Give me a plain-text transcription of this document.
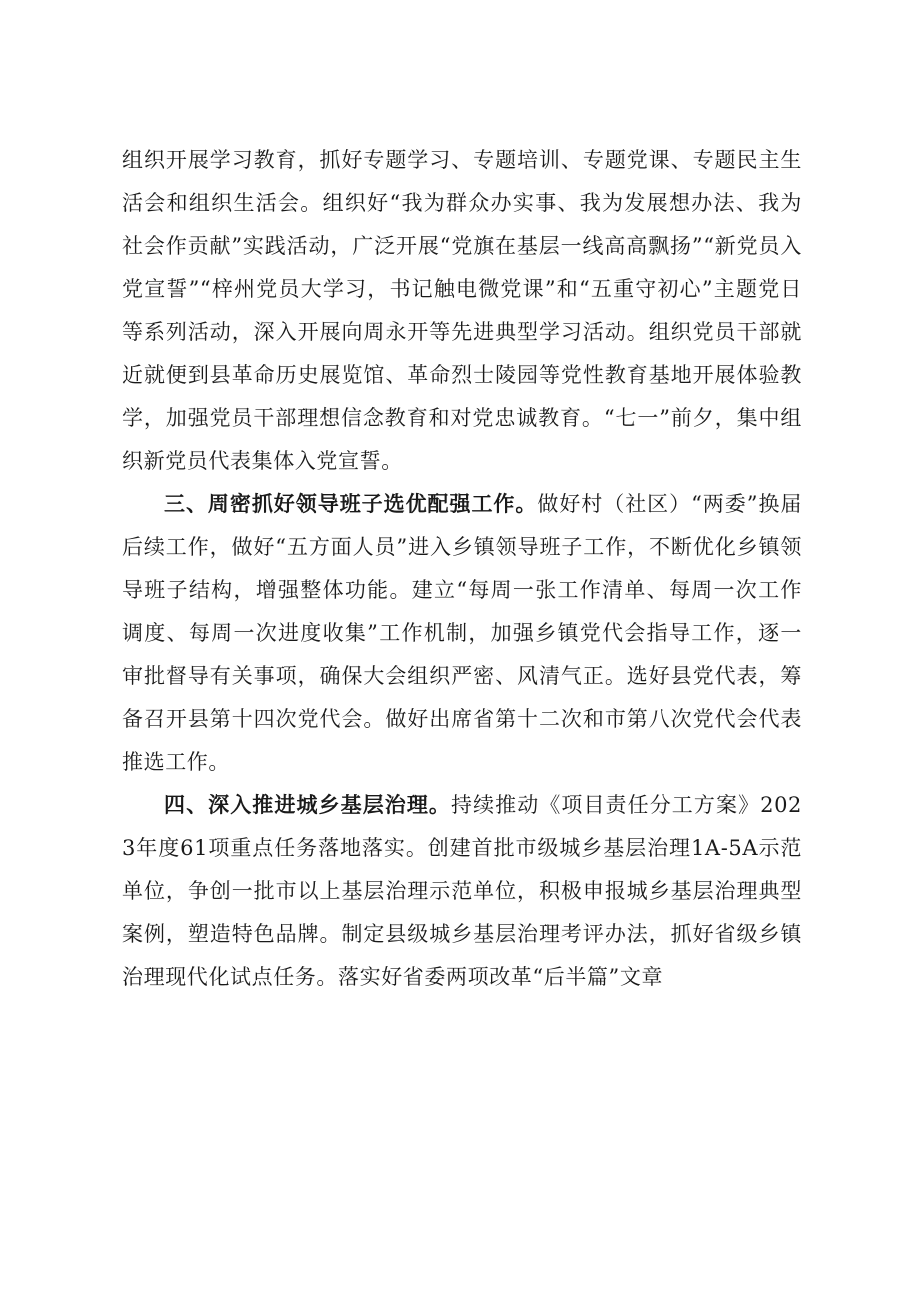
组织开展学习教育，抓好专题学习、专题培训、专题党课、专题民主生活会和组织生活会。组织好“我为群众办实事、我为发展想办法、我为社会作贡献”实践活动，广泛开展“党旗在基层一线高高飘扬”“新党员入党宣誓”“梓州党员大学习，书记触电微党课”和“五重守初心”主题党日等系列活动，深入开展向周永开等先进典型学习活动。组织党员干部就近就便到县革命历史展览馆、革命烈士陵园等党性教育基地开展体验教学，加强党员干部理想信念教育和对党忠诚教育。“七一”前夕，集中组织新党员代表集体入党宣誓。

三、周密抓好领导班子选优配强工作。做好村（社区）“两委”换届后续工作，做好“五方面人员”进入乡镇领导班子工作，不断优化乡镇领导班子结构，增强整体功能。建立“每周一张工作清单、每周一次工作调度、每周一次进度收集”工作机制，加强乡镇党代会指导工作，逐一审批督导有关事项，确保大会组织严密、风清气正。选好县党代表，筹备召开县第十四次党代会。做好出席省第十二次和市第八次党代会代表推选工作。

四、深入推进城乡基层治理。持续推动《项目责任分工方案》2023年度61项重点任务落地落实。创建首批市级城乡基层治理1A-5A示范单位，争创一批市以上基层治理示范单位，积极申报城乡基层治理典型案例，塑造特色品牌。制定县级城乡基层治理考评办法，抓好省级乡镇治理现代化试点任务。落实好省委两项改革“后半篇”文章
